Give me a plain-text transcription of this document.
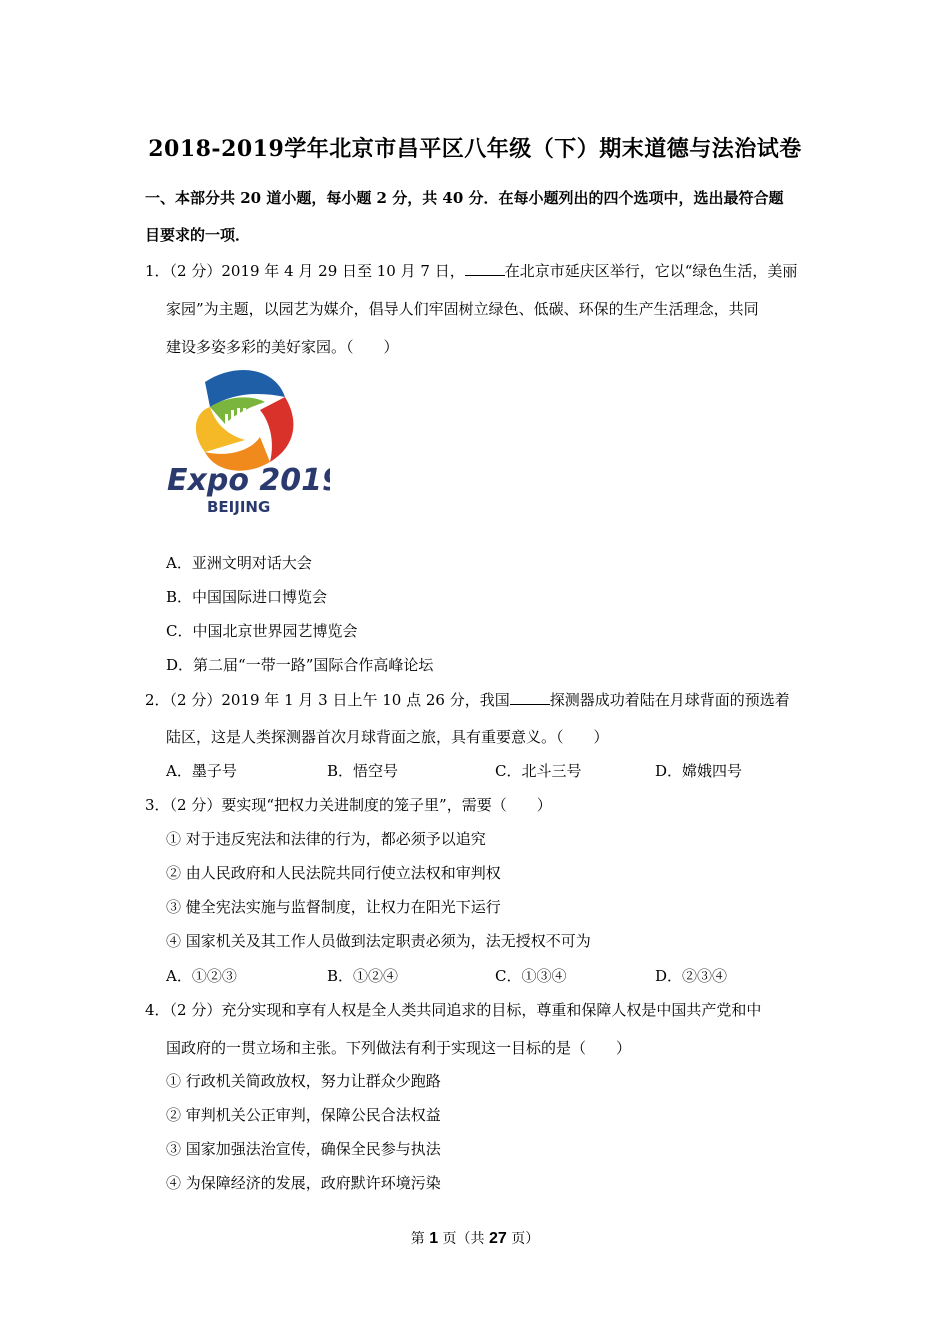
2018-2019学年北京市昌平区八年级（下）期末道德与法治试卷
一、本部分共 20 道小题，每小题 2 分，共 40 分．在每小题列出的四个选项中，选出最符合题
目要求的一项．
1．（2 分）2019 年 4 月 29 日至 10 月 7 日，	在北京市延庆区举行，它以“绿色生活，美丽
家园”为主题，以园艺为媒介，倡导人们牢固树立绿色、低碳、环保的生产生活理念，共同
建设多姿多彩的美好家园。（　　）
Expo 2019
BEIJING
A．亚洲文明对话大会
B．中国国际进口博览会
C．中国北京世界园艺博览会
D．第二届“一带一路”国际合作高峰论坛
2．（2 分）2019 年 1 月 3 日上午 10 点 26 分，我国	探测器成功着陆在月球背面的预选着
陆区，这是人类探测器首次月球背面之旅，具有重要意义。（　　）
A．墨子号	B．悟空号	C．北斗三号	D．嫦娥四号
3．（2 分）要实现“把权力关进制度的笼子里”，需要（　　）
① 对于违反宪法和法律的行为，都必须予以追究
② 由人民政府和人民法院共同行使立法权和审判权
③ 健全宪法实施与监督制度，让权力在阳光下运行
④ 国家机关及其工作人员做到法定职责必须为，法无授权不可为
A．①②③	B．①②④	C．①③④	D．②③④
4．（2 分）充分实现和享有人权是全人类共同追求的目标，尊重和保障人权是中国共产党和中
国政府的一贯立场和主张。下列做法有利于实现这一目标的是（　　）
① 行政机关简政放权，努力让群众少跑路
② 审判机关公正审判，保障公民合法权益
③ 国家加强法治宣传，确保全民参与执法
④ 为保障经济的发展，政府默许环境污染
第 1 页（共 27 页）
